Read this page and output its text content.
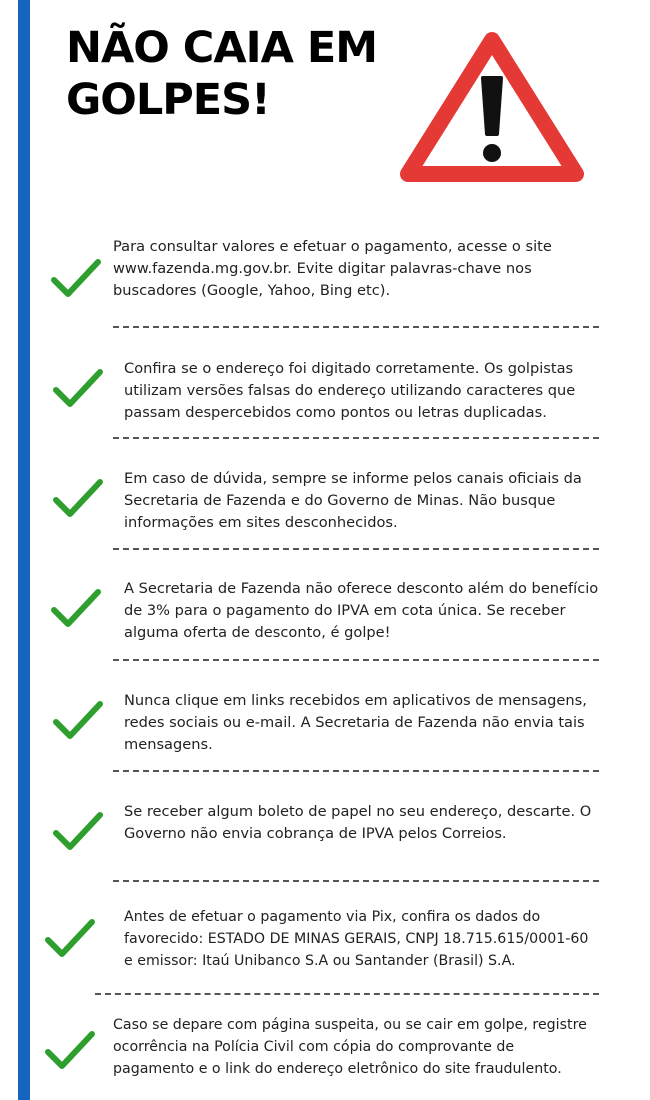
NÃO CAIA EM
GOLPES!

Para consultar valores e efetuar o pagamento, acesse o site
www.fazenda.mg.gov.br. Evite digitar palavras-chave nos
buscadores (Google, Yahoo, Bing etc).

Confira se o endereço foi digitado corretamente. Os golpistas
utilizam versões falsas do endereço utilizando caracteres que
passam despercebidos como pontos ou letras duplicadas.

Em caso de dúvida, sempre se informe pelos canais oficiais da
Secretaria de Fazenda e do Governo de Minas. Não busque
informações em sites desconhecidos.

A Secretaria de Fazenda não oferece desconto além do benefício
de 3% para o pagamento do IPVA em cota única. Se receber
alguma oferta de desconto, é golpe!

Nunca clique em links recebidos em aplicativos de mensagens,
redes sociais ou e-mail. A Secretaria de Fazenda não envia tais
mensagens.

Se receber algum boleto de papel no seu endereço, descarte. O
Governo não envia cobrança de IPVA pelos Correios.

Antes de efetuar o pagamento via Pix, confira os dados do
favorecido: ESTADO DE MINAS GERAIS, CNPJ 18.715.615/0001-60
e emissor: Itaú Unibanco S.A ou Santander (Brasil) S.A.

Caso se depare com página suspeita, ou se cair em golpe, registre
ocorrência na Polícia Civil com cópia do comprovante de
pagamento e o link do endereço eletrônico do site fraudulento.
